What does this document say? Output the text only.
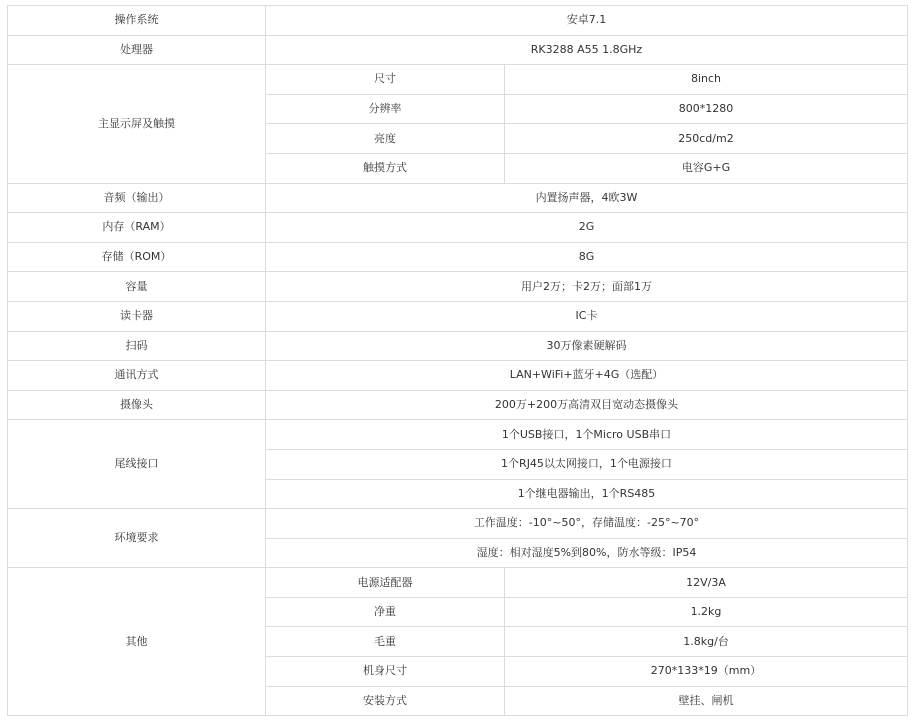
操作系统	安卓7.1	
处理器	RK3288 A55 1.8GHz	
主显示屏及触摸	尺寸	8inch
	分辨率	800*1280
	亮度	250cd/m2
	触摸方式	电容G+G
音频（输出）	内置扬声器，4欧3W	
内存（RAM）	2G	
存储（ROM）	8G	
容量	用户2万；卡2万；面部1万	
读卡器	IC卡	
扫码	30万像素硬解码	
通讯方式	LAN+WiFi+蓝牙+4G（选配）	
摄像头	200万+200万高清双目宽动态摄像头	
尾线接口	1个USB接口，1个Micro USB串口	
	1个RJ45以太网接口，1个电源接口	
	1个继电器输出，1个RS485	
环境要求	工作温度：-10°~50°，存储温度：-25°~70°	
	湿度：相对湿度5%到80%，防水等级：IP54	
其他	电源适配器	12V/3A
	净重	1.2kg
	毛重	1.8kg/台
	机身尺寸	270*133*19（mm）
	安装方式	壁挂、闸机
